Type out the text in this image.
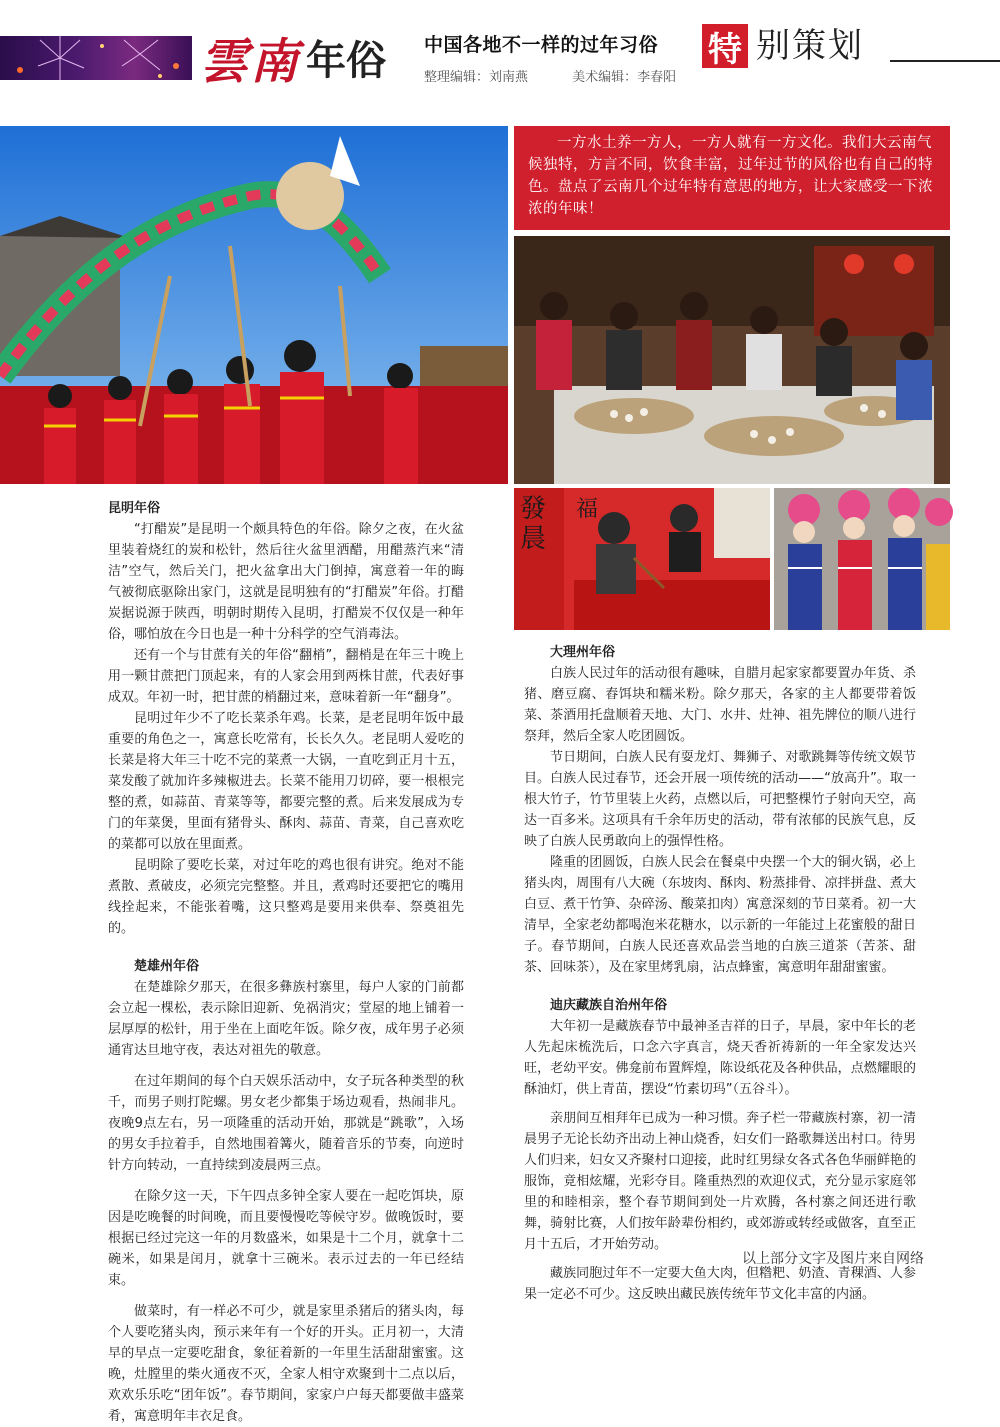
雲南 年俗 中国各地不一样的过年习俗
整理编辑：刘南燕	美术编辑：李春阳
特 别策划
一方水土养一方人，一方人就有一方文化。我们大云南气候独特，方言不同，饮食丰富，过年过节的风俗也有自己的特色。盘点了云南几个过年特有意思的地方，让大家感受一下浓浓的年味！
發
晨
福
昆明年俗

“打醋炭”是昆明一个颇具特色的年俗。除夕之夜，在火盆里装着烧红的炭和松针，然后往火盆里洒醋，用醋蒸汽来“清洁”空气，然后关门，把火盆拿出大门倒掉，寓意着一年的晦气被彻底驱除出家门，这就是昆明独有的“打醋炭”年俗。打醋炭据说源于陕西，明朝时期传入昆明，打醋炭不仅仅是一种年俗，哪怕放在今日也是一种十分科学的空气消毒法。

还有一个与甘蔗有关的年俗“翻梢”，翻梢是在年三十晚上用一颗甘蔗把门顶起来，有的人家会用到两株甘蔗，代表好事成双。年初一时，把甘蔗的梢翻过来，意味着新一年“翻身”。

昆明过年少不了吃长菜杀年鸡。长菜，是老昆明年饭中最重要的角色之一，寓意长吃常有，长长久久。老昆明人爱吃的长菜是将大年三十吃不完的菜煮一大锅，一直吃到正月十五，菜发酸了就加许多辣椒进去。长菜不能用刀切碎，要一根根完整的煮，如蒜苗、青菜等等，都要完整的煮。后来发展成为专门的年菜煲，里面有猪骨头、酥肉、蒜苗、青菜，自己喜欢吃的菜都可以放在里面煮。

昆明除了要吃长菜，对过年吃的鸡也很有讲究。绝对不能煮散、煮破皮，必须完完整整。并且，煮鸡时还要把它的嘴用线拴起来，不能张着嘴，这只整鸡是要用来供奉、祭奠祖先的。

楚雄州年俗

在楚雄除夕那天，在很多彝族村寨里，每户人家的门前都会立起一棵松，表示除旧迎新、免祸消灾；堂屋的地上铺着一层厚厚的松针，用于坐在上面吃年饭。除夕夜，成年男子必须通宵达旦地守夜，表达对祖先的敬意。

在过年期间的每个白天娱乐活动中，女子玩各种类型的秋千，而男子则打陀螺。男女老少都集于场边观看，热闹非凡。夜晚9点左右，另一项隆重的活动开始，那就是“跳歌”，入场的男女手拉着手，自然地围着篝火，随着音乐的节奏，向逆时针方向转动，一直持续到凌晨两三点。

在除夕这一天，下午四点多钟全家人要在一起吃饵块，原因是吃晚餐的时间晚，而且要慢慢吃等候守岁。做晚饭时，要根据已经过完这一年的月数盛米，如果是十二个月，就拿十二碗米，如果是闰月，就拿十三碗米。表示过去的一年已经结束。

做菜时，有一样必不可少，就是家里杀猪后的猪头肉，每个人要吃猪头肉，预示来年有一个好的开头。正月初一，大清早的早点一定要吃甜食，象征着新的一年里生活甜甜蜜蜜。这晚，灶膛里的柴火通夜不灭，全家人相守欢聚到十二点以后，欢欢乐乐吃“团年饭”。春节期间，家家户户每天都要做丰盛菜肴，寓意明年丰衣足食。

大理州年俗

白族人民过年的活动很有趣味，自腊月起家家都要置办年货、杀猪、磨豆腐、舂饵块和糯米粉。除夕那天，各家的主人都要带着饭菜、茶酒用托盘顺着天地、大门、水井、灶神、祖先牌位的顺八进行祭拜，然后全家人吃团圆饭。

节日期间，白族人民有耍龙灯、舞狮子、对歌跳舞等传统文娱节目。白族人民过春节，还会开展一项传统的活动——“放高升”。取一根大竹子，竹节里装上火药，点燃以后，可把整棵竹子射向天空，高达一百多米。这项具有千余年历史的活动，带有浓郁的民族气息，反映了白族人民勇敢向上的强悍性格。

隆重的团圆饭，白族人民会在餐桌中央摆一个大的铜火锅，必上猪头肉，周围有八大碗（东坡肉、酥肉、粉蒸排骨、凉拌拼盘、煮大白豆、煮干竹笋、杂碎汤、酸菜扣肉）寓意深刻的节日菜肴。初一大清早，全家老幼都喝泡米花糖水，以示新的一年能过上花蜜般的甜日子。春节期间，白族人民还喜欢品尝当地的白族三道茶（苦茶、甜茶、回味茶），及在家里烤乳扇，沾点蜂蜜，寓意明年甜甜蜜蜜。

迪庆藏族自治州年俗

大年初一是藏族春节中最神圣吉祥的日子，早晨，家中年长的老人先起床梳洗后，口念六字真言，烧天香祈祷新的一年全家发达兴旺，老幼平安。佛龛前布置辉煌，陈设纸花及各种供品，点燃耀眼的酥油灯，供上青苗，摆设“竹素切玛”（五谷斗）。

亲朋间互相拜年已成为一种习惯。奔子栏一带藏族村寨，初一清晨男子无论长幼齐出动上神山烧香，妇女们一路歌舞送出村口。待男人们归来，妇女又齐聚村口迎接，此时红男绿女各式各色华丽鲜艳的服饰，竟相炫耀，光彩夺目。隆重热烈的欢迎仪式，充分显示家庭邻里的和睦相亲，整个春节期间到处一片欢腾，各村寨之间还进行歌舞，骑射比赛，人们按年龄辈份相约，或郊游或转经或做客，直至正月十五后，才开始劳动。

藏族同胞过年不一定要大鱼大肉，但糌粑、奶渣、青稞酒、人参果一定必不可少。这反映出藏民族传统年节文化丰富的内涵。

以上部分文字及图片来自网络
